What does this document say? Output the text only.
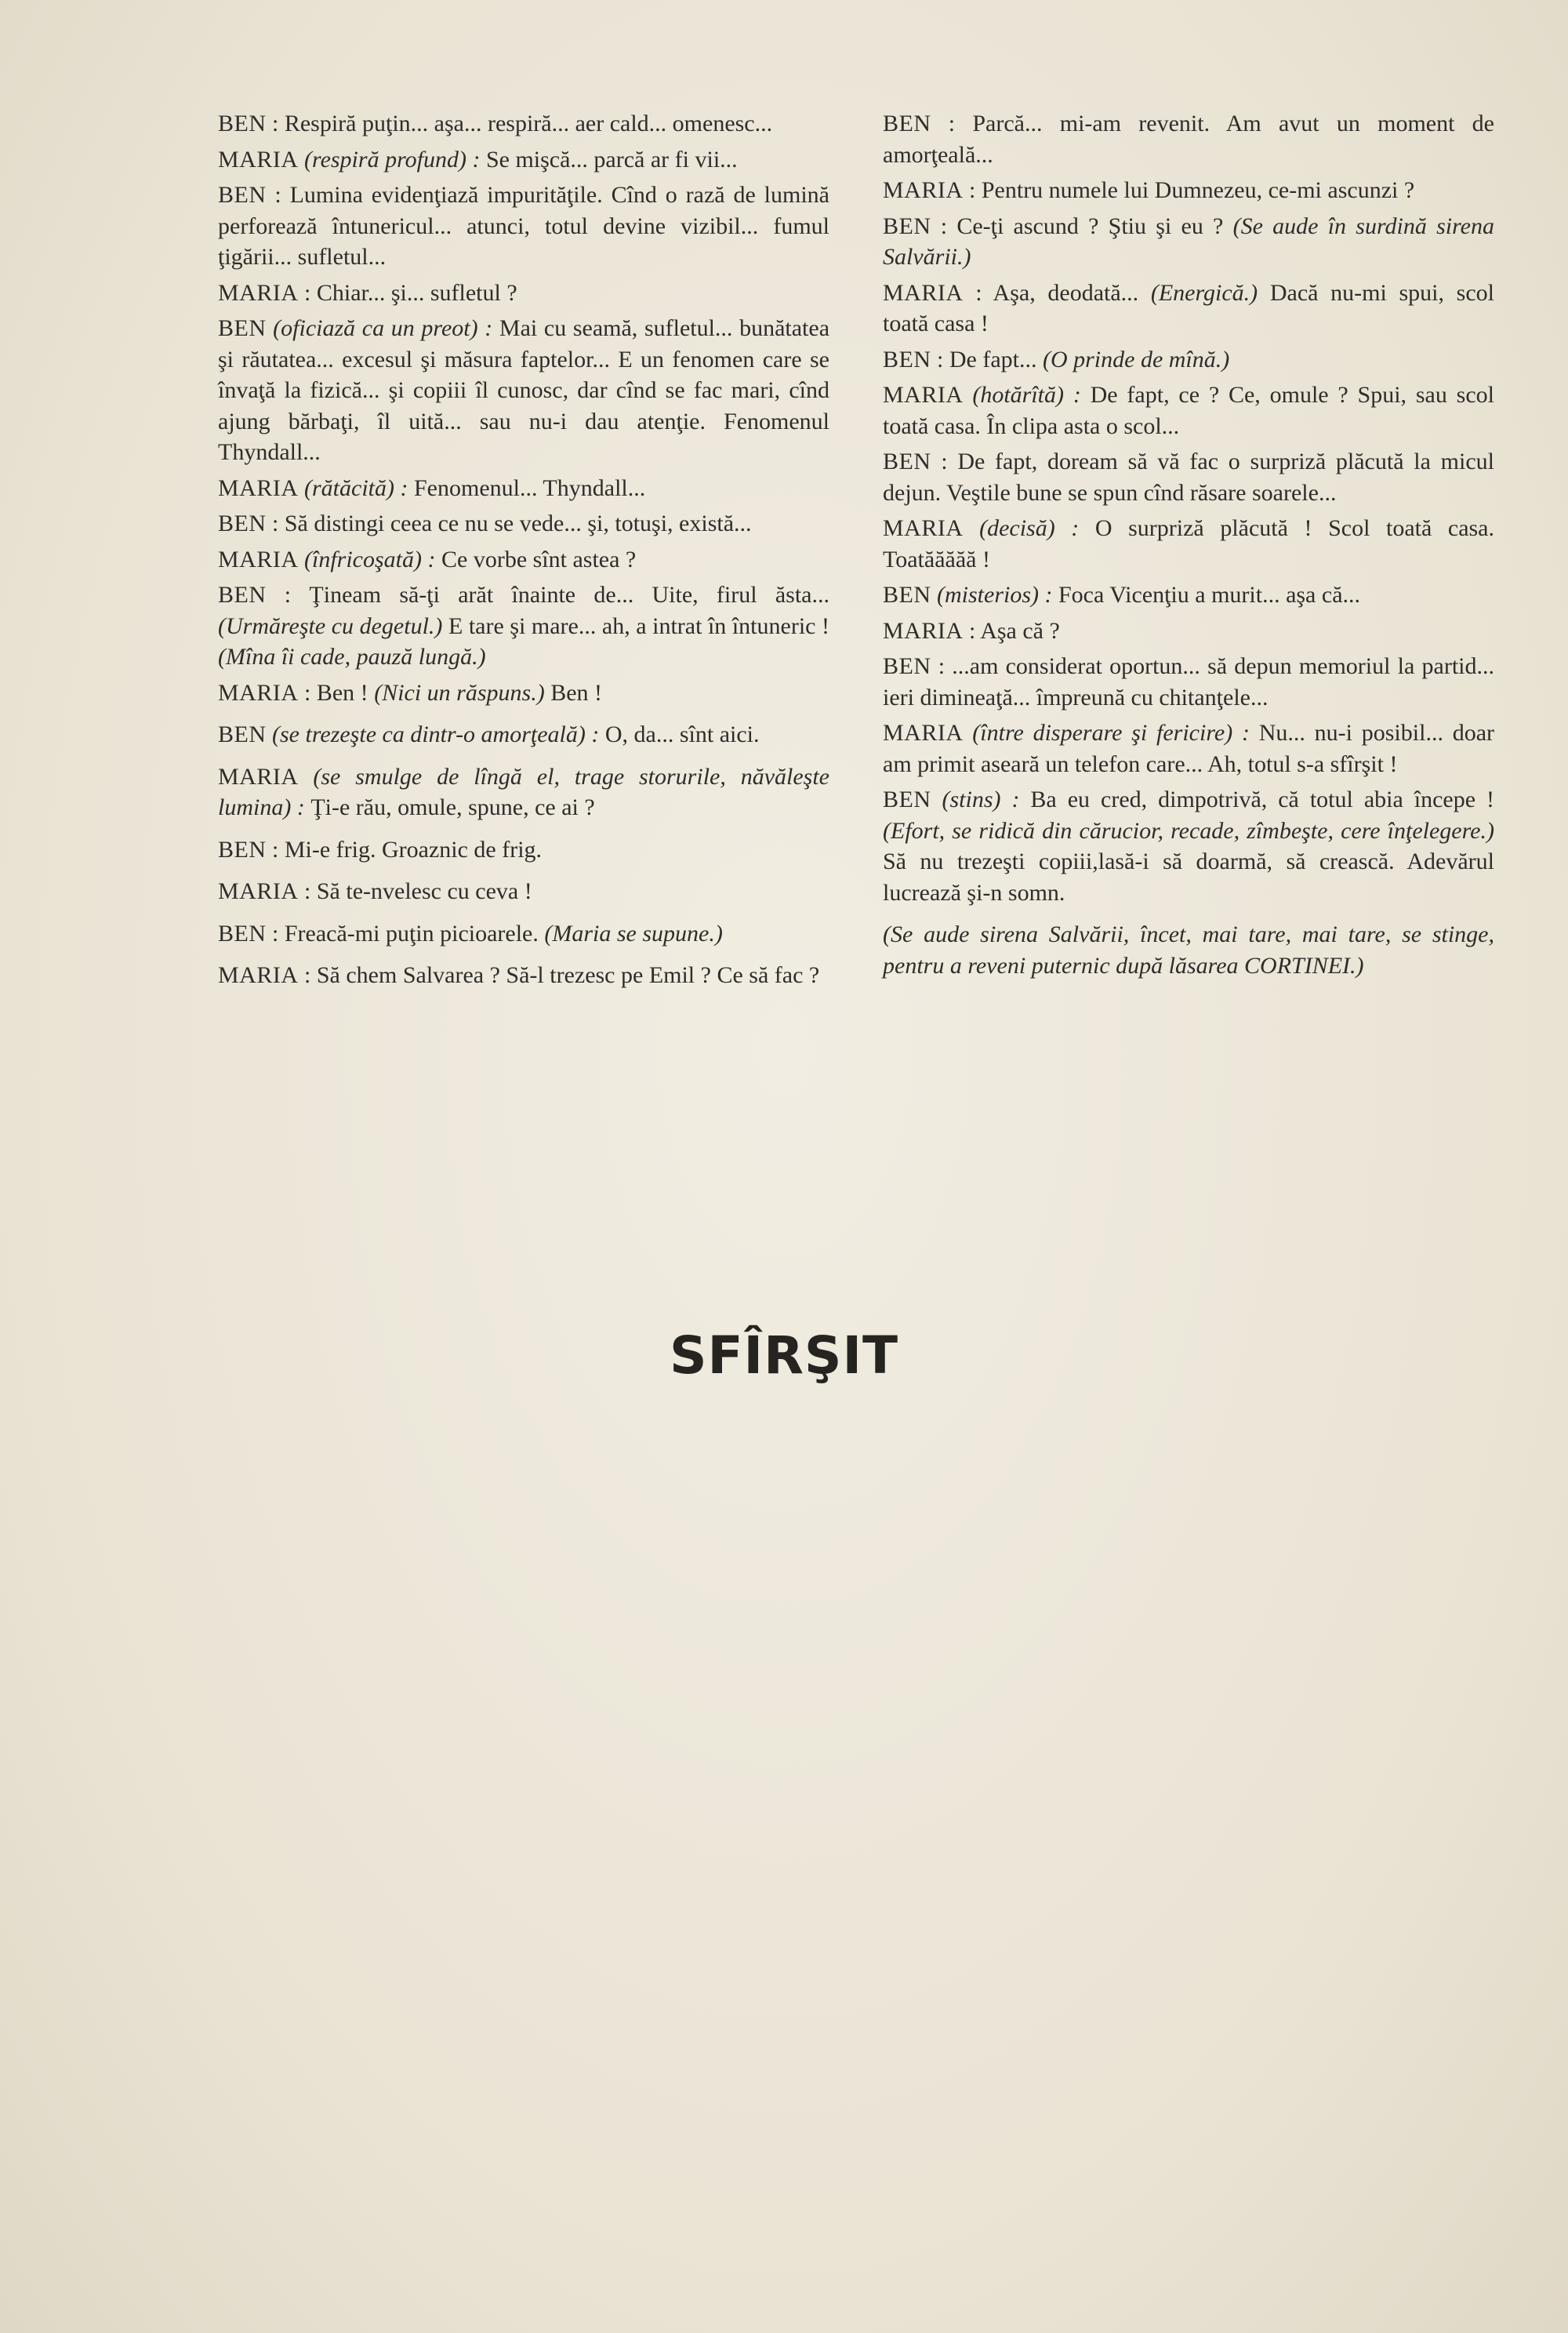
BEN : Respiră puţin... aşa... respiră... aer cald... omenesc...

MARIA (respiră profund) : Se mişcă... parcă ar fi vii...

BEN : Lumina evidenţiază impurităţile. Cînd o rază de lumină perforează întunericul... atunci, totul devine vizibil... fumul ţigării... sufletul...

MARIA : Chiar... şi... sufletul ?

BEN (oficiază ca un preot) : Mai cu seamă, sufletul... bunătatea şi răutatea... excesul şi măsura faptelor... E un fenomen care se învaţă la fizică... şi copiii îl cunosc, dar cînd se fac mari, cînd ajung bărbaţi, îl uită... sau nu-i dau atenţie. Fenomenul Thyndall...

MARIA (rătăcită) : Fenomenul... Thyndall...

BEN : Să distingi ceea ce nu se vede... şi, totuşi, există...

MARIA (înfricoşată) : Ce vorbe sînt astea ?

BEN : Ţineam să-ţi arăt înainte de... Uite, firul ăsta... (Urmăreşte cu degetul.) E tare şi mare... ah, a intrat în întuneric ! (Mîna îi cade, pauză lungă.)

MARIA : Ben ! (Nici un răspuns.) Ben !

BEN (se trezeşte ca dintr-o amorţeală) : O, da... sînt aici.

MARIA (se smulge de lîngă el, trage storurile, năvăleşte lumina) : Ţi-e rău, omule, spune, ce ai ?

BEN : Mi-e frig. Groaznic de frig.

MARIA : Să te-nvelesc cu ceva !

BEN : Freacă-mi puţin picioarele. (Maria se supune.)

MARIA : Să chem Salvarea ? Să-l trezesc pe Emil ? Ce să fac ?

BEN : Parcă... mi-am revenit. Am avut un moment de amorţeală...

MARIA : Pentru numele lui Dumnezeu, ce-mi ascunzi ?

BEN : Ce-ţi ascund ? Ştiu şi eu ? (Se aude în surdină sirena Salvării.)

MARIA : Aşa, deodată... (Energică.) Dacă nu-mi spui, scol toată casa !

BEN : De fapt... (O prinde de mînă.)

MARIA (hotărîtă) : De fapt, ce ? Ce, omule ? Spui, sau scol toată casa. În clipa asta o scol...

BEN : De fapt, doream să vă fac o surpriză plăcută la micul dejun. Veştile bune se spun cînd răsare soarele...

MARIA (decisă) : O surpriză plăcută ! Scol toată casa. Toatăăăăă !

BEN (misterios) : Foca Vicenţiu a murit... aşa că...

MARIA : Aşa că ?

BEN : ...am considerat oportun... să depun memoriul la partid... ieri dimineaţă... împreună cu chitanţele...

MARIA (între disperare şi fericire) : Nu... nu-i posibil... doar am primit aseară un telefon care... Ah, totul s-a sfîrşit !

BEN (stins) : Ba eu cred, dimpotrivă, că totul abia începe ! (Efort, se ridică din cărucior, recade, zîmbeşte, cere înţelegere.) Să nu trezeşti copiii,lasă-i să doarmă, să crească. Adevărul lucrează şi-n somn.

(Se aude sirena Salvării, încet, mai tare, mai tare, se stinge, pentru a reveni puternic după lăsarea CORTINEI.)

SFÎRŞIT
